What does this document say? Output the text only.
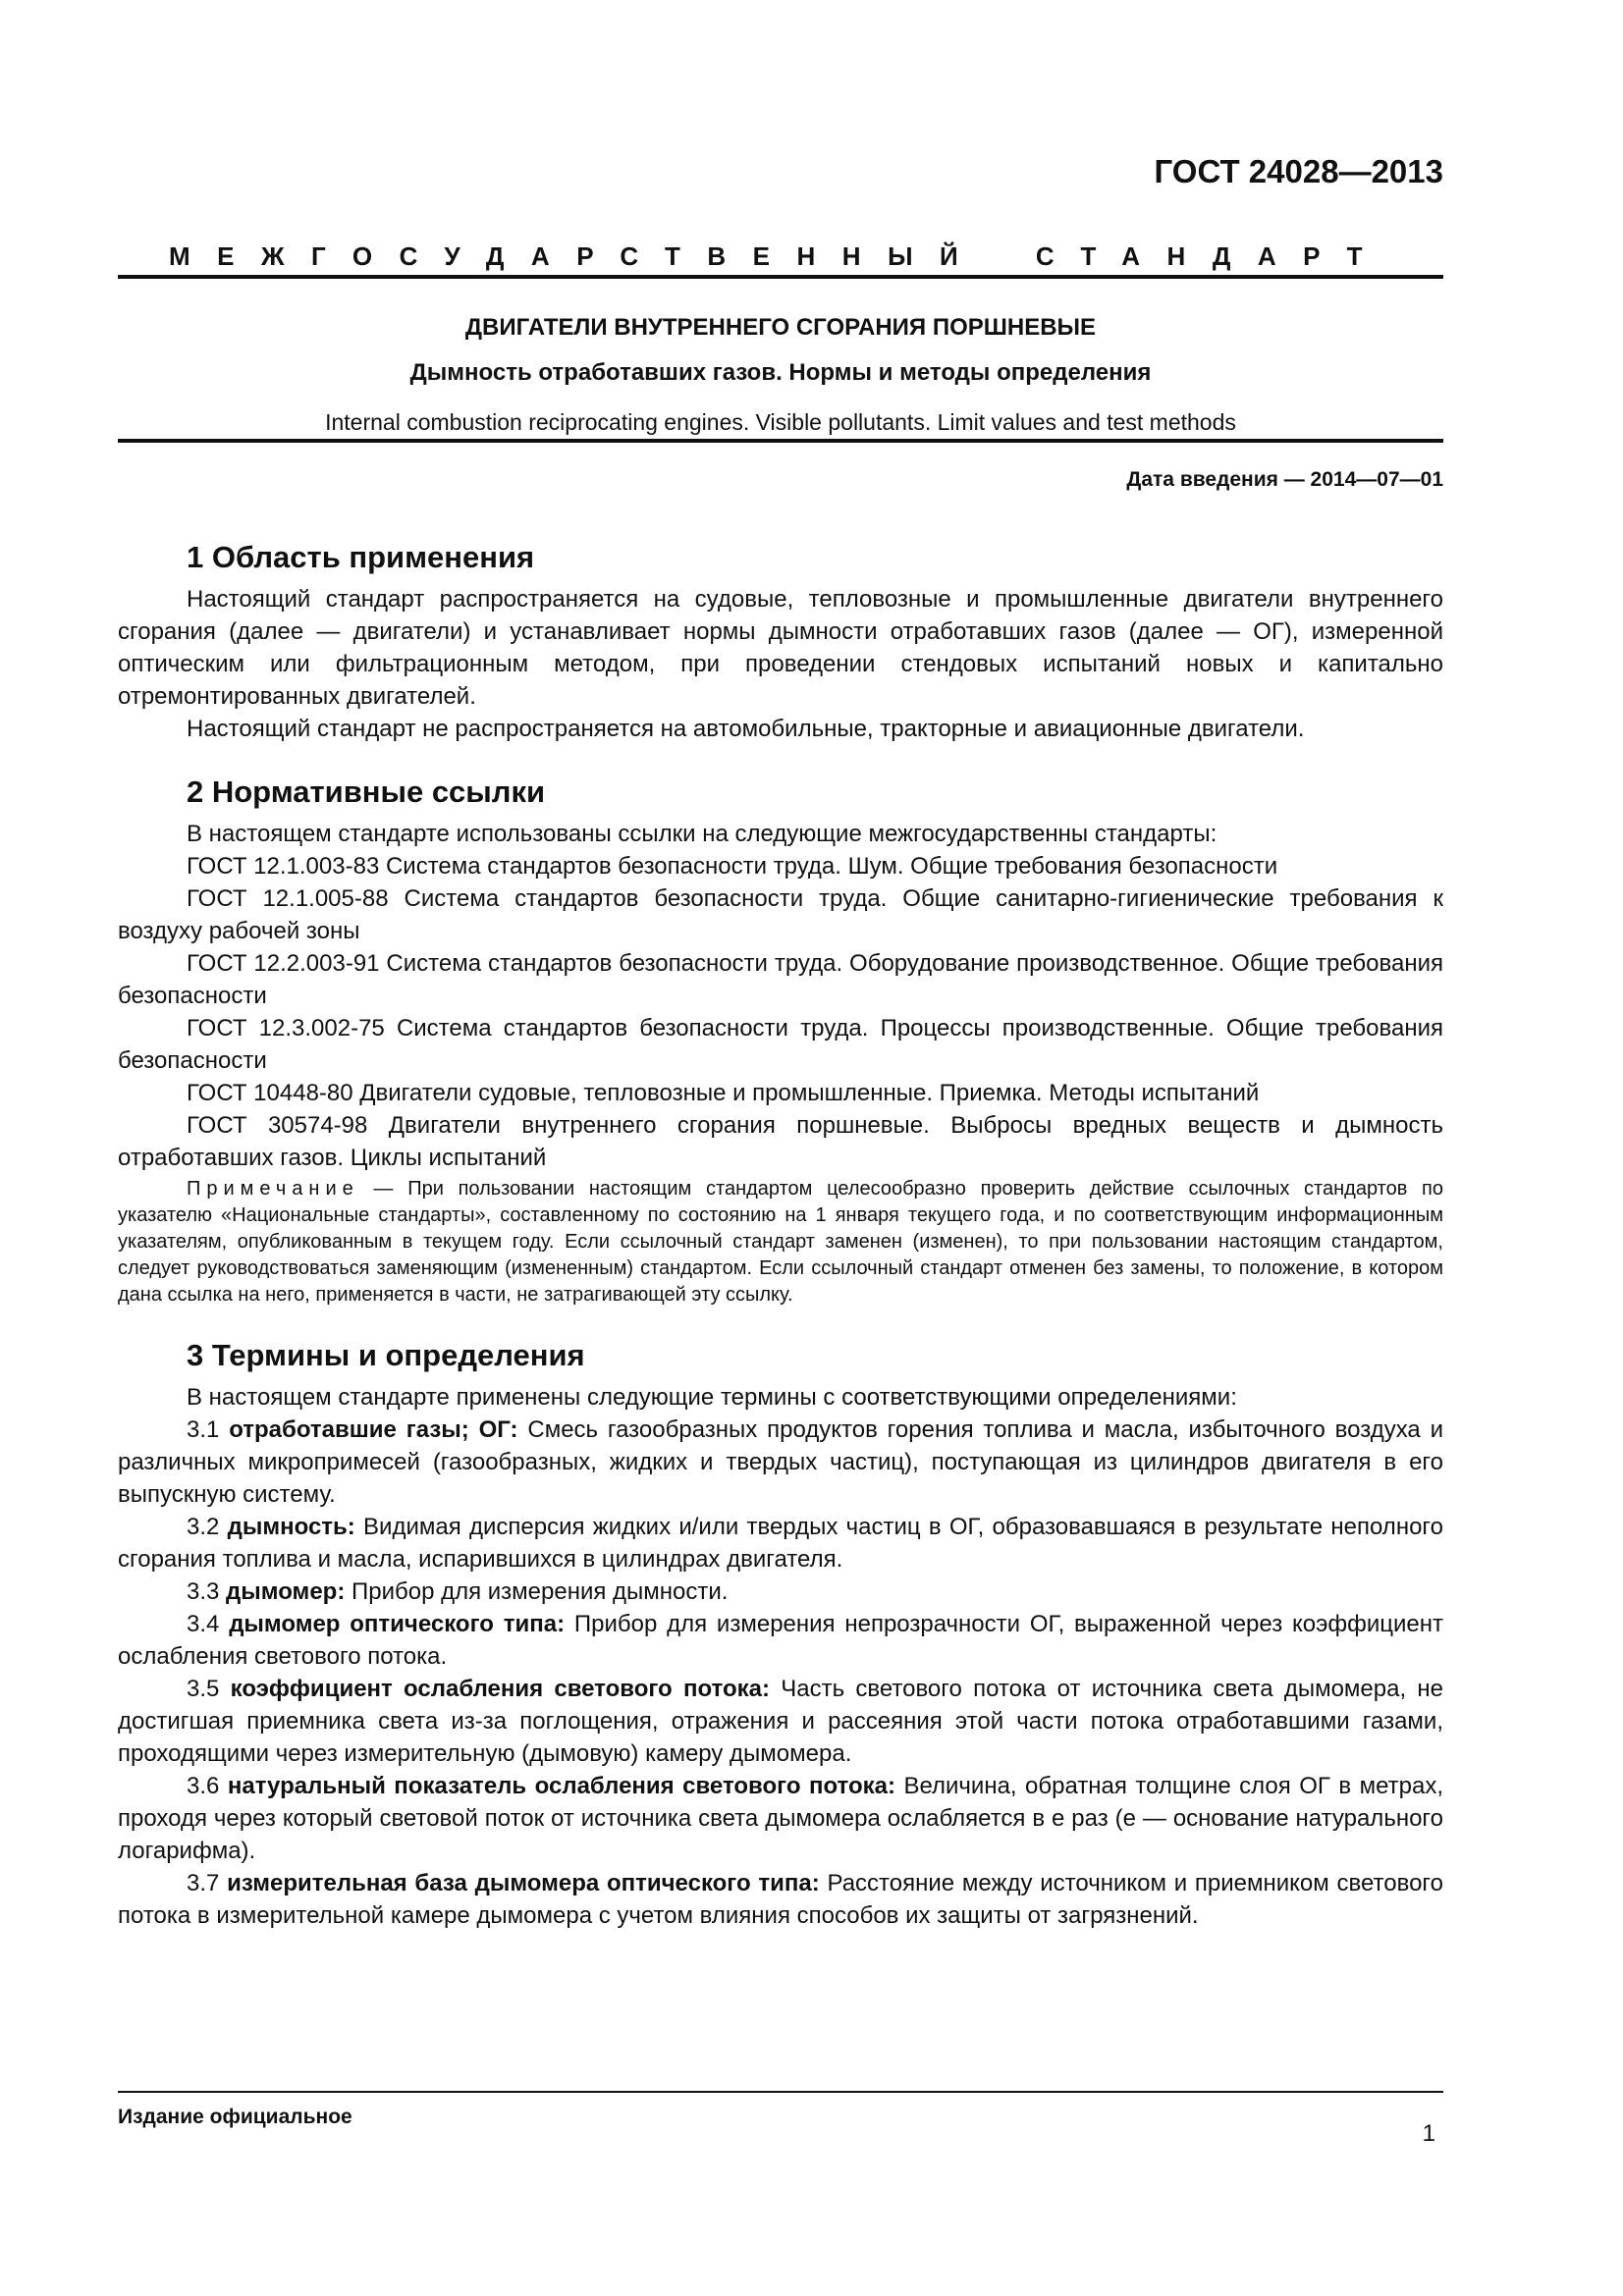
ГОСТ 24028—2013
МЕЖГОСУДАРСТВЕННЫЙ СТАНДАРТ
ДВИГАТЕЛИ ВНУТРЕННЕГО СГОРАНИЯ ПОРШНЕВЫЕ
Дымность отработавших газов. Нормы и методы определения
Internal combustion reciprocating engines. Visible pollutants. Limit values and test methods
Дата введения — 2014—07—01
1 Область применения

Настоящий стандарт распространяется на судовые, тепловозные и промышленные двигатели внутреннего сгорания (далее — двигатели) и устанавливает нормы дымности отработавших газов (далее — ОГ), измеренной оптическим или фильтрационным методом, при проведении стендовых испытаний новых и капитально отремонтированных двигателей.

Настоящий стандарт не распространяется на автомобильные, тракторные и авиационные двигатели.

2 Нормативные ссылки

В настоящем стандарте использованы ссылки на следующие межгосударственны стандарты:

ГОСТ 12.1.003-83 Система стандартов безопасности труда. Шум. Общие требования безопасности

ГОСТ 12.1.005-88 Система стандартов безопасности труда. Общие санитарно-гигиенические требования к воздуху рабочей зоны

ГОСТ 12.2.003-91 Система стандартов безопасности труда. Оборудование производственное. Общие требования безопасности

ГОСТ 12.3.002-75 Система стандартов безопасности труда. Процессы производственные. Общие требования безопасности

ГОСТ 10448-80 Двигатели судовые, тепловозные и промышленные. Приемка. Методы испытаний

ГОСТ 30574-98 Двигатели внутреннего сгорания поршневые. Выбросы вредных веществ и дымность отработавших газов. Циклы испытаний

Примечание — При пользовании настоящим стандартом целесообразно проверить действие ссылочных стандартов по указателю «Национальные стандарты», составленному по состоянию на 1 января текущего года, и по соответствующим информационным указателям, опубликованным в текущем году. Если ссылочный стандарт заменен (изменен), то при пользовании настоящим стандартом, следует руководствоваться заменяющим (измененным) стандартом. Если ссылочный стандарт отменен без замены, то положение, в котором дана ссылка на него, применяется в части, не затрагивающей эту ссылку.
3 Термины и определения

В настоящем стандарте применены следующие термины с соответствующими определениями:

3.1 отработавшие газы; ОГ: Смесь газообразных продуктов горения топлива и масла, избыточного воздуха и различных микропримесей (газообразных, жидких и твердых частиц), поступающая из цилиндров двигателя в его выпускную систему.

3.2 дымность: Видимая дисперсия жидких и/или твердых частиц в ОГ, образовавшаяся в результате неполного сгорания топлива и масла, испарившихся в цилиндрах двигателя.

3.3 дымомер: Прибор для измерения дымности.

3.4 дымомер оптического типа: Прибор для измерения непрозрачности ОГ, выраженной через коэффициент ослабления светового потока.

3.5 коэффициент ослабления светового потока: Часть светового потока от источника света дымомера, не достигшая приемника света из-за поглощения, отражения и рассеяния этой части потока отработавшими газами, проходящими через измерительную (дымовую) камеру дымомера.

3.6 натуральный показатель ослабления светового потока: Величина, обратная толщине слоя ОГ в метрах, проходя через который световой поток от источника света дымомера ослабляется в е раз (е — основание натурального логарифма).

3.7 измерительная база дымомера оптического типа: Расстояние между источником и приемником светового потока в измерительной камере дымомера с учетом влияния способов их защиты от загрязнений.

Издание официальное
1
